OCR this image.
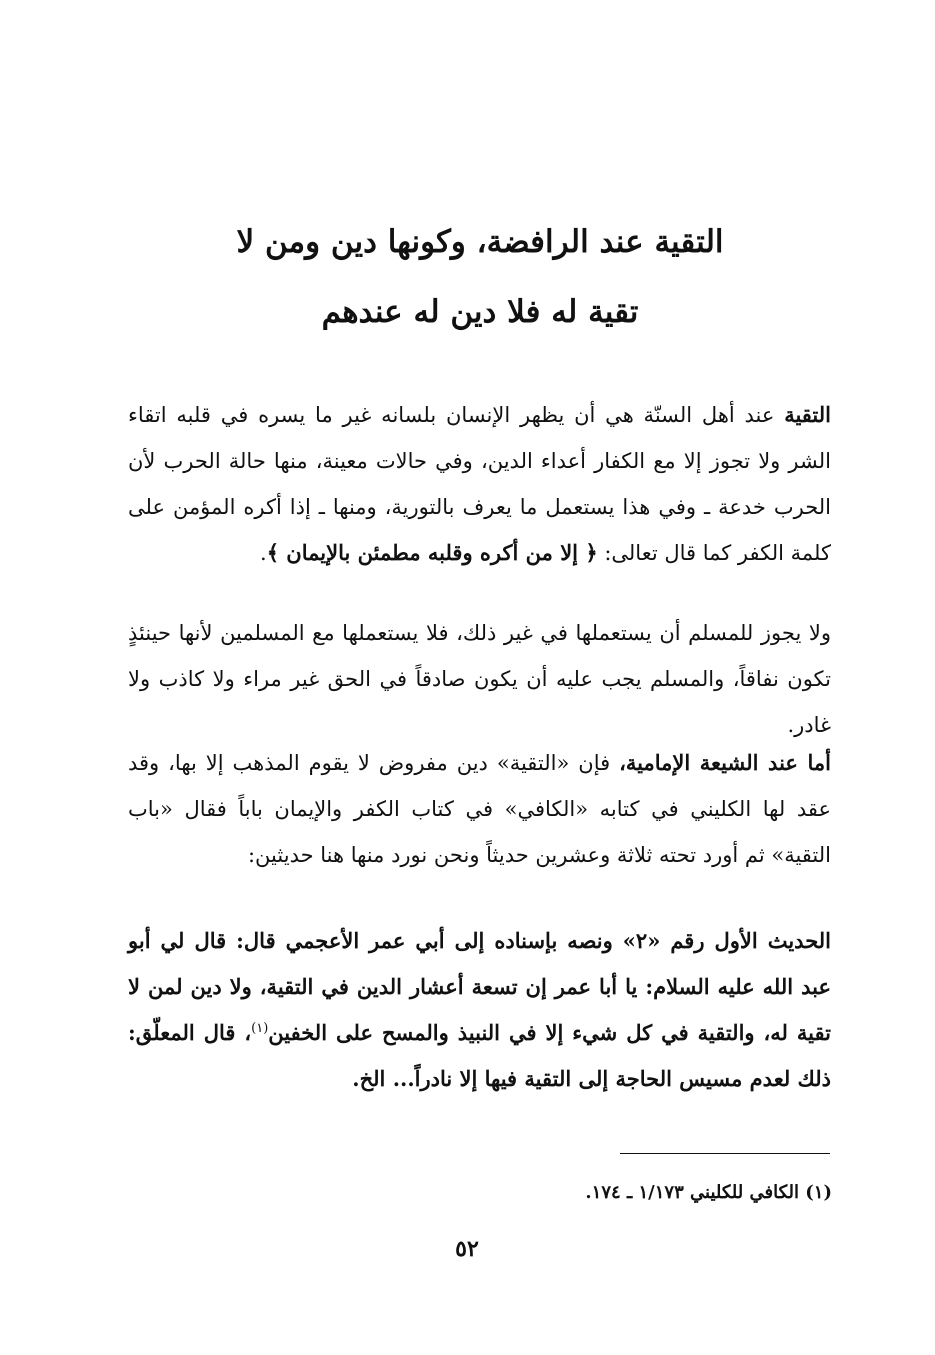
التقية عند الرافضة، وكونها دين ومن لا
تقية له فلا دين له عندهم
التقية عند أهل السنّة هي أن يظهر الإنسان بلسانه غير ما يسره في قلبه اتقاء الشر ولا تجوز إلا مع الكفار أعداء الدين، وفي حالات معينة، منها حالة الحرب لأن الحرب خدعة ـ وفي هذا يستعمل ما يعرف بالتورية، ومنها ـ إذا أكره المؤمن على كلمة الكفر كما قال تعالى: ﴿ إلا من أكره وقلبه مطمئن بالإيمان ﴾.
ولا يجوز للمسلم أن يستعملها في غير ذلك، فلا يستعملها مع المسلمين لأنها حينئذٍ تكون نفاقاً، والمسلم يجب عليه أن يكون صادقاً في الحق غير مراء ولا كاذب ولا غادر.
أما عند الشيعة الإمامية، فإن «التقية» دين مفروض لا يقوم المذهب إلا بها، وقد عقد لها الكليني في كتابه «الكافي» في كتاب الكفر والإيمان باباً فقال «باب التقية» ثم أورد تحته ثلاثة وعشرين حديثاً ونحن نورد منها هنا حديثين:
الحديث الأول رقم «٢» ونصه بإسناده إلى أبي عمر الأعجمي قال: قال لي أبو عبد الله عليه السلام: يا أبا عمر إن تسعة أعشار الدين في التقية، ولا دين لمن لا تقية له، والتقية في كل شيء إلا في النبيذ والمسح على الخفين$^{(١)}$، قال المعلّق: ذلك لعدم مسيس الحاجة إلى التقية فيها إلا نادراً... الخ.
(١) الكافي للكليني ١/١٧٣ ـ ١٧٤.
٥٢
